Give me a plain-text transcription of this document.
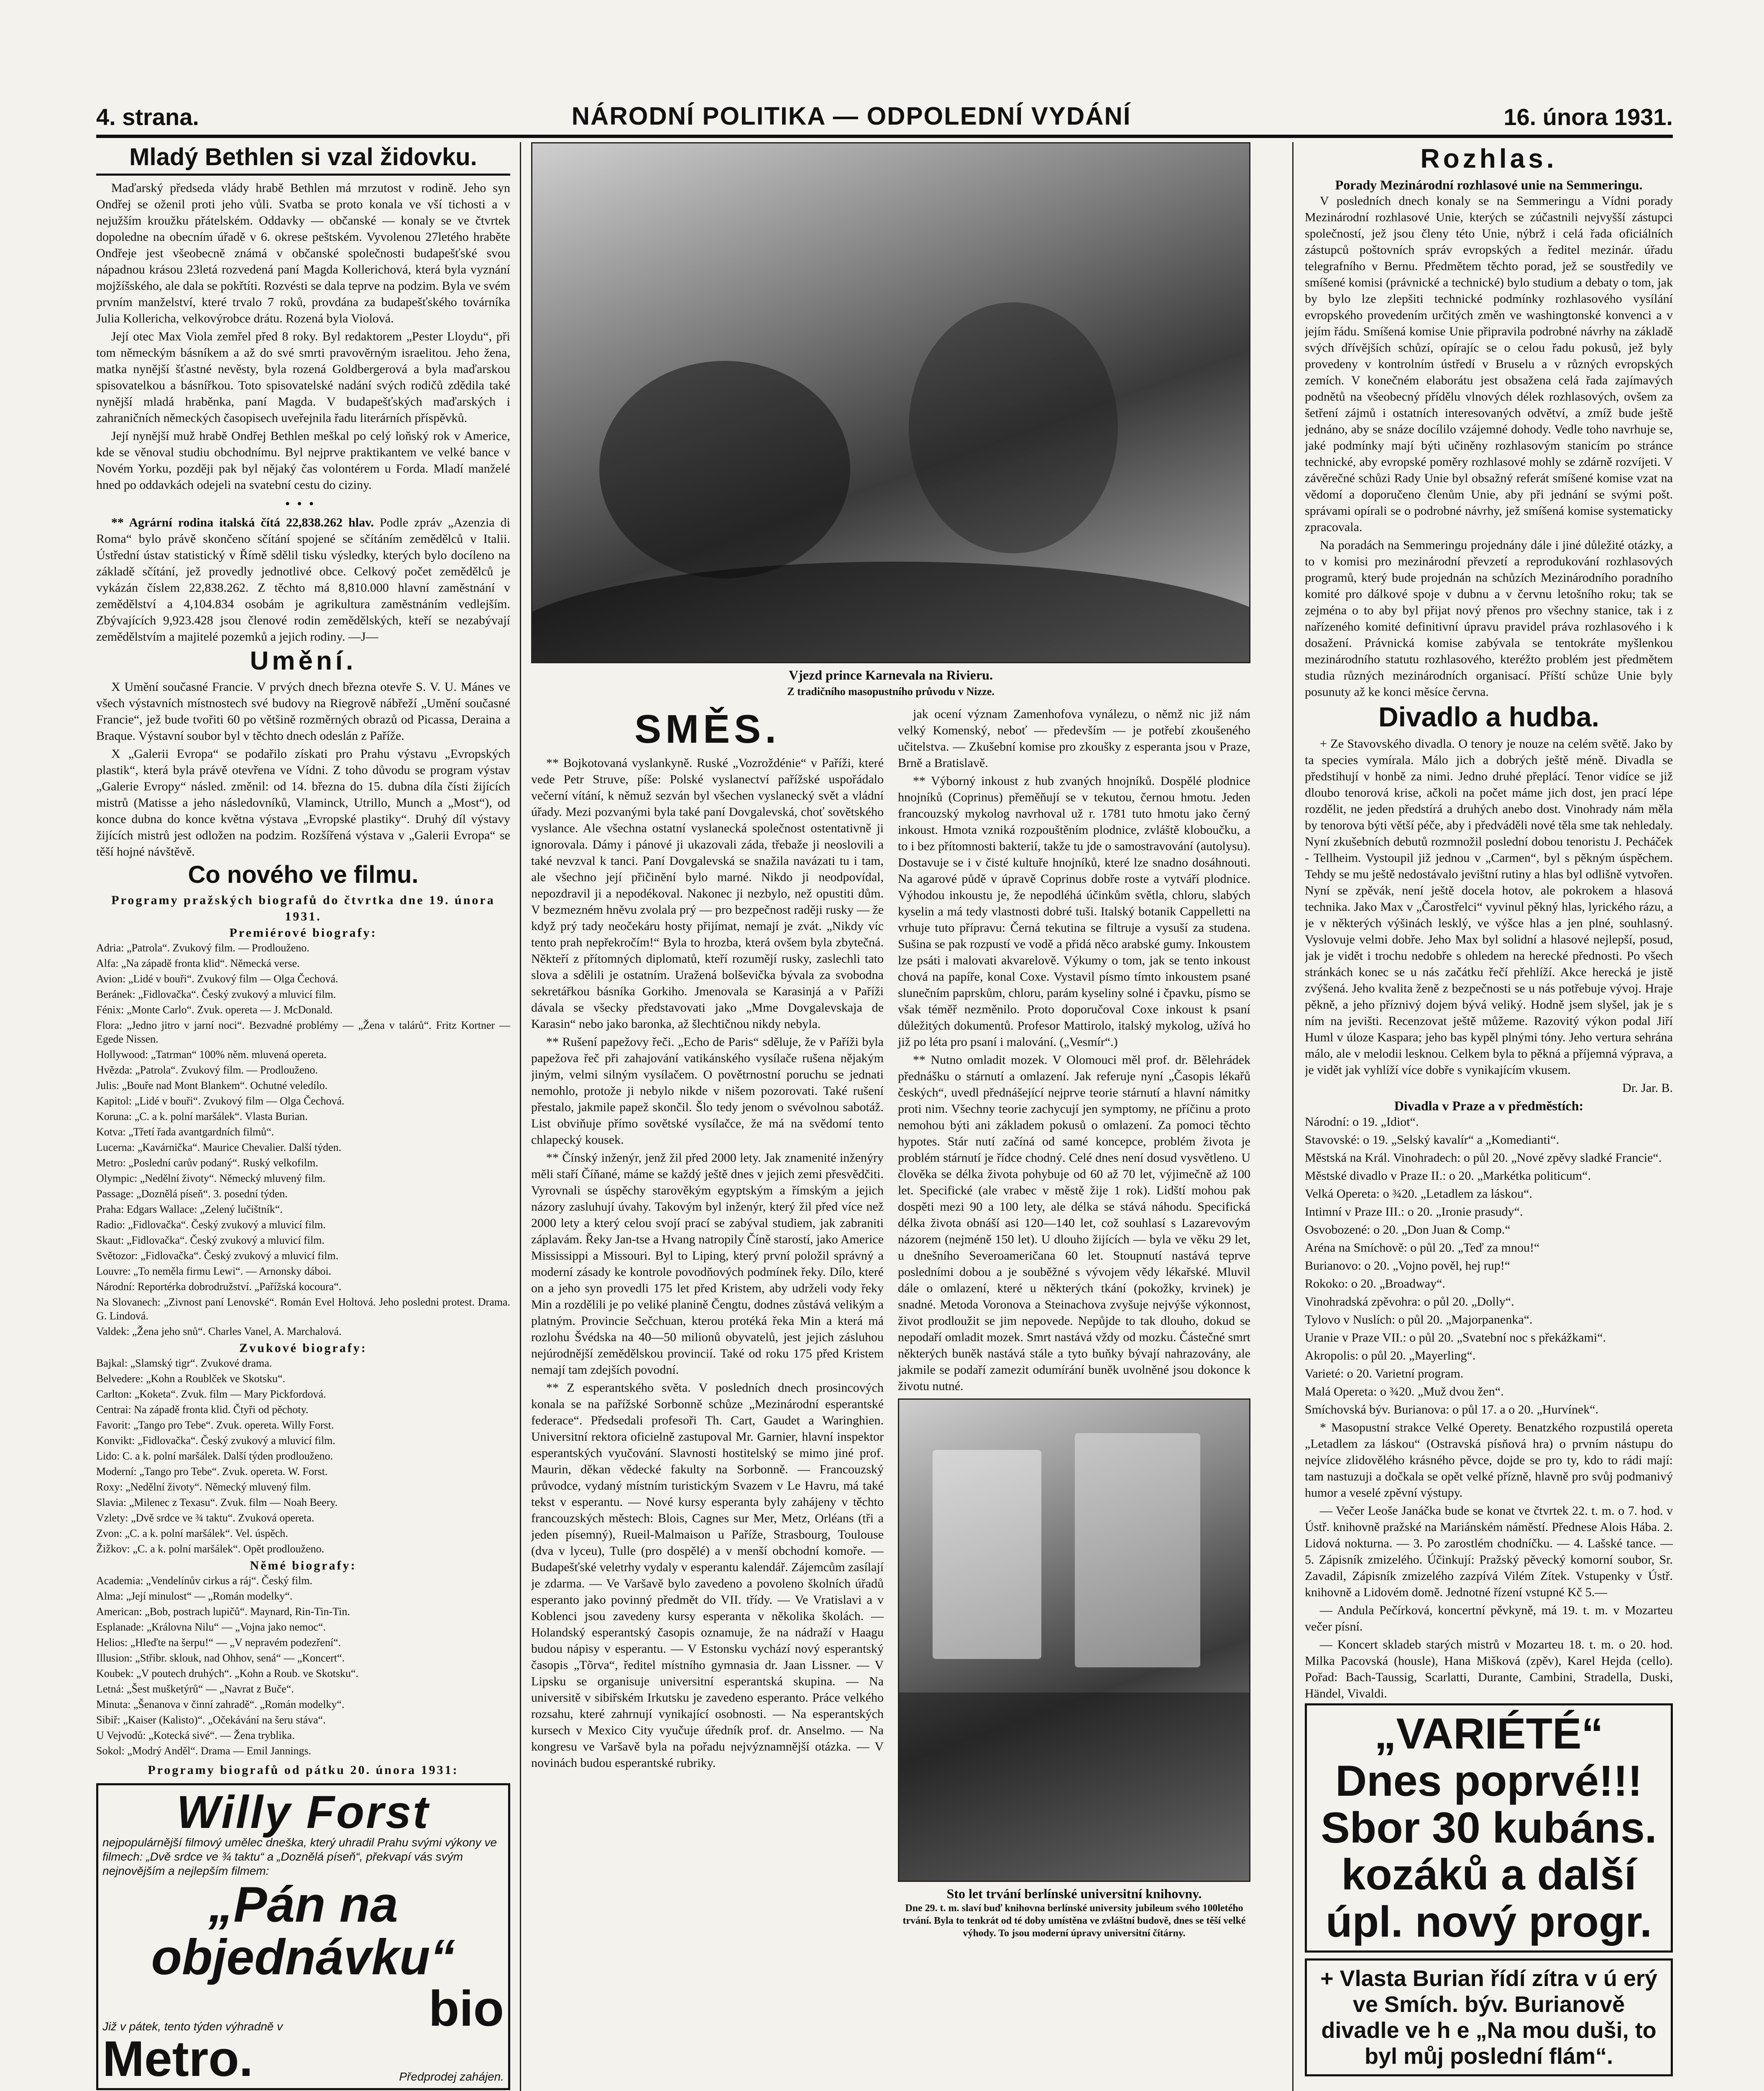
4. strana.	NÁRODNÍ POLITIKA — ODPOLEDNÍ VYDÁNÍ	16. února 1931.
Mladý Bethlen si vzal židovku.

Maďarský předseda vlády hrabě Bethlen má mrzutost v rodině. Jeho syn Ondřej se oženil proti jeho vůli. Svatba se proto konala ve vší tichosti a v nejužším kroužku přátelském. Oddavky — občanské — konaly se ve čtvrtek dopoledne na obecním úřadě v 6. okrese peštském. Vyvolenou 27letého hraběte Ondřeje jest všeobecně známá v občanské společnosti budapešťské svou nápadnou krásou 23letá rozvedená paní Magda Kollerichová, která byla vyznání mojžíšského, ale dala se pokřtíti. Rozvésti se dala teprve na podzim. Byla ve svém prvním manželství, které trvalo 7 roků, provdána za budapešťského továrníka Julia Kollericha, velkovýrobce drátu. Rozená byla Violová.

Její otec Max Viola zemřel před 8 roky. Byl redaktorem „Pester Lloydu“, při tom německým básníkem a až do své smrti pravověrným israelitou. Jeho žena, matka nynější šťastné nevěsty, byla rozená Goldbergerová a byla maďarskou spisovatelkou a básnířkou. Toto spisovatelské nadání svých rodičů zdědila také nynější mladá hraběnka, paní Magda. V budapešťských maďarských i zahraničních německých časopisech uveřejnila řadu literárních příspěvků.

Její nynější muž hrabě Ondřej Bethlen meškal po celý loňský rok v Americe, kde se věnoval studiu obchodnímu. Byl nejprve praktikantem ve velké bance v Novém Yorku, později pak byl nějaký čas volontérem u Forda. Mladí manželé hned po oddavkách odejeli na svatební cestu do ciziny.

•••

** Agrární rodina italská čítá 22,838.262 hlav. Podle zpráv „Azenzia di Roma“ bylo právě skončeno sčítání spojené se sčítáním zemědělců v Italii. Ústřední ústav statistický v Římě sdělil tisku výsledky, kterých bylo docíleno na základě sčítání, jež provedly jednotlivé obce. Celkový počet zemědělců je vykázán číslem 22,838.262. Z těchto má 8,810.000 hlavní zaměstnání v zemědělství a 4,104.834 osobám je agrikultura zaměstnáním vedlejším. Zbývajících 9,923.428 jsou členové rodin zemědělských, kteří se nezabývají zemědělstvím a majitelé pozemků a jejich rodiny. —J—

Umění.

X Umění současné Francie. V prvých dnech března otevře S. V. U. Mánes ve všech výstavních místnostech své budovy na Riegrově nábřeží „Umění současné Francie“, jež bude tvořiti 60 po většině rozměrných obrazů od Picassa, Deraina a Braque. Výstavní soubor byl v těchto dnech odeslán z Paříže.

X „Galerii Evropa“ se podařilo získati pro Prahu výstavu „Evropských plastik“, která byla právě otevřena ve Vídni. Z toho důvodu se program výstav „Galerie Evropy“ násled. změnil: od 14. března do 15. dubna díla čísti žijících mistrů (Matisse a jeho následovníků, Vlaminck, Utrillo, Munch a „Most“), od konce dubna do konce května výstava „Evropské plastiky“. Druhý díl výstavy žijících mistrů jest odložen na podzim. Rozšířená výstava v „Galerii Evropa“ se těší hojné návštěvě.

Co nového ve filmu.
Programy pražských biografů do čtvrtka dne 19. února 1931.
Premiérové biografy:

Adria: „Patrola“. Zvukový film. — Prodlouženo.

Alfa: „Na západě fronta klid“. Německá verse.

Avion: „Lidé v bouři“. Zvukový film — Olga Čechová.

Beránek: „Fidlovačka“. Český zvukový a mluvicí film.

Fénix: „Monte Carlo“. Zvuk. opereta — J. McDonald.

Flora: „Jedno jitro v jarní noci“. Bezvadné problémy — „Žena v talárů“. Fritz Kortner — Egede Nissen.

Hollywood: „Tatrman“ 100% něm. mluvená opereta.

Hvězda: „Patrola“. Zvukový film. — Prodlouženo.

Julis: „Bouře nad Mont Blankem“. Ochutné veledílo.

Kapitol: „Lidé v bouři“. Zvukový film — Olga Čechová.

Koruna: „C. a k. polní maršálek“. Vlasta Burian.

Kotva: „Třetí řada avantgardních filmů“.

Lucerna: „Kavárnička“. Maurice Chevalier. Další týden.

Metro: „Poslední carův podaný“. Ruský velkofilm.

Olympic: „Nedělní životy“. Německý mluvený film.

Passage: „Doznělá píseň“. 3. posední týden.

Praha: Edgars Wallace: „Zelený lučištník“.

Radio: „Fidlovačka“. Český zvukový a mluvicí film.

Skaut: „Fidlovačka“. Český zvukový a mluvicí film.

Světozor: „Fidlovačka“. Český zvukový a mluvicí film.

Louvre: „To neměla firmu Lewi“. — Arnonsky dáboi.

Národní: Reportérka dobrodružství. „Pařížská kocoura“.

Na Slovanech: „Zivnost paní Lenovské“. Román Evel Holtová. Jeho posledni protest. Drama. G. Lindová.

Valdek: „Žena jeho snů“. Charles Vanel, A. Marchalová.

Zvukové biografy:

Bajkal: „Slamský tigr“. Zvukové drama.

Belvedere: „Kohn a Roublček ve Skotsku“.

Carlton: „Koketa“. Zvuk. film — Mary Pickfordová.

Centrai: Na západě fronta klid. Čtyři od pěchoty.

Favorit: „Tango pro Tebe“. Zvuk. opereta. Willy Forst.

Konvikt: „Fidlovačka“. Český zvukový a mluvicí film.

Lido: C. a k. polní maršálek. Další týden prodlouženo.

Moderní: „Tango pro Tebe“. Zvuk. opereta. W. Forst.

Roxy: „Nedělní životy“. Německý mluvený film.

Slavia: „Milenec z Texasu“. Zvuk. film — Noah Beery.

Vzlety: „Dvě srdce ve ¾ taktu“. Zvuková opereta.

Zvon: „C. a k. polní maršálek“. Vel. úspěch.

Žižkov: „C. a k. polní maršálek“. Opět prodlouženo.

Němé biografy:

Academia: „Vendelínův cirkus a ráj“. Český film.

Alma: „Její minulost“ — „Román modelky“.

American: „Bob, postrach lupičů“. Maynard, Rin-Tin-Tin.

Esplanade: „Královna Nilu“ — „Vojna jako nemoc“.

Helios: „Hleďte na šerpu!“ — „V nepravém podezření“.

Illusion: „Střibr. sklouk, nad Ohhov, sená“ — „Koncert“.

Koubek: „V poutech druhých“. „Kohn a Roub. ve Skotsku“.

Letná: „Šest mušketýrů“ — „Navrat z Buče“.

Minuta: „Šenanova v činní zahradě“. „Román modelky“.

Sibiř: „Kaiser (Kalisto)“. „Očekávání na šeru stáva“.

U Vejvodů: „Kotecká sivé“. — Žena tryblika.

Sokol: „Modrý Anděl“. Drama — Emil Jannings.

Programy biografů od pátku 20. února 1931:
Willy Forst
nejpopulárnější filmový umělec dneška, který uhradil Prahu svými výkony ve filmech: „Dvě srdce ve ¾ taktu“ a „Doznělá píseň“, překvapí vás svým nejnovějším a nejlepším filmem:
„Pán na objednávku“
Již v pátek, tento týden výhradně v	bio
Metro.	Předprodej zahájen.
Vjezd prince Karnevala na Rivieru.
Z tradičního masopustního průvodu v Nizze.
SMĚS.

** Bojkotovaná vyslankyně. Ruské „Vozroždénie“ v Paříži, které vede Petr Struve, píše: Polské vyslanectví pařížské uspořádalo večerní vítání, k němuž sezván byl všechen vyslanecký svět a vládní úřady. Mezi pozvanými byla také paní Dovgalevská, choť sovětského vyslance. Ale všechna ostatní vyslanecká společnost ostentativně ji ignorovala. Dámy i pánové ji ukazovali záda, třebaže ji neoslovili a také nevzval k tanci. Paní Dovgalevská se snažila navázati tu i tam, ale všechno její přičinění bylo marné. Nikdo ji neodpovídal, nepozdravil ji a nepodékoval. Nakonec ji nezbylo, než opustiti dům. V bezmezném hněvu zvolala prý — pro bezpečnost raději rusky — že když prý tady neočekáru hosty přijímat, nemají je zvát. „Nikdy víc tento prah nepřekročím!“ Byla to hrozba, která ovšem byla zbytečná. Někteří z přítomných diplomatů, kteří rozumějí rusky, zaslechli tato slova a sdělili je ostatním. Uražená bolševička bývala za svobodna sekretářkou básníka Gorkiho. Jmenovala se Karasinjá a v Paříži dávala se všecky představovati jako „Mme Dovgalevskaja de Karasin“ nebo jako baronka, až šlechtičnou nikdy nebyla.

** Rušení papežovy řeči. „Echo de Paris“ sděluje, že v Paříži byla papežova řeč při zahajování vatikánského vysílače rušena nějakým jiným, velmi silným vysílačem. O povětrnostní poruchu se jednati nemohlo, protože ji nebylo nikde v nišem pozorovati. Také rušení přestalo, jakmile papež skončil. Šlo tedy jenom o svévolnou sabotáž. List obviňuje přímo sovětské vysílačce, že má na svědomí tento chlapecký kousek.

** Čínský inženýr, jenž žil před 2000 lety. Jak znamenité inženýry měli staří Číňané, máme se každý ještě dnes v jejich zemi přesvědčiti. Vyrovnali se úspěchy starověkým egyptským a římským a jejich názory zasluhují úvahy. Takovým byl inženýr, který žil před více než 2000 lety a který celou svojí prací se zabýval studiem, jak zabraniti záplavám. Řeky Jan-tse a Hvang natropily Číně starostí, jako Americe Mississippi a Missouri. Byl to Liping, který první položil správný a moderní zásady ke kontrole povodňových podmínek řeky. Dílo, které on a jeho syn provedli 175 let před Kristem, aby udrželi vody řeky Min a rozdělili je po veliké planině Čengtu, dodnes zůstává velikým a platným. Provincie Sečchuan, kterou protéká řeka Min a která má rozlohu Švédska na 40—50 milionů obyvatelů, jest jejich zásluhou nejúrodnější zemědělskou provincií. Také od roku 175 před Kristem nemají tam zdejších povodní.

** Z esperantského světa. V posledních dnech prosincových konala se na pařížské Sorbonně schůze „Mezinárodní esperantské federace“. Předsedali profesoři Th. Cart, Gaudet a Waringhien. Universitní rektora oficielně zastupoval Mr. Garnier, hlavní inspektor esperantských vyučování. Slavnosti hostitelský se mimo jiné prof. Maurin, děkan vědecké fakulty na Sorbonně. — Francouzský průvodce, vydaný místním turistickým Svazem v Le Havru, má také tekst v esperantu. — Nové kursy esperanta byly zahájeny v těchto francouzských městech: Blois, Cagnes sur Mer, Metz, Orléans (tři a jeden písemný), Rueil-Malmaison u Paříže, Strasbourg, Toulouse (dva v lyceu), Tulle (pro dospělé) a v menší obchodní komoře. — Budapešťské veletrhy vydaly v esperantu kalendář. Zájemcům zasílají je zdarma. — Ve Varšavě bylo zavedeno a povoleno školních úřadů esperanto jako povinný předmět do VII. třídy. — Ve Vratislavi a v Koblenci jsou zavedeny kursy esperanta v několika školách. — Holandský esperantský časopis oznamuje, že na nádraží v Haagu budou nápisy v esperantu. — V Estonsku vychází nový esperantský časopis „Tõrva“, ředitel místního gymnasia dr. Jaan Lissner. — V Lipsku se organisuje universitní esperantská skupina. — Na universitě v sibiřském Irkutsku je zavedeno esperanto. Práce velkého rozsahu, které zahrnují vynikající osobnosti. — Na esperantských kursech v Mexico City vyučuje úředník prof. dr. Anselmo. — Na kongresu ve Varšavě byla na pořadu nejvýznamnější otázka. — V novinách budou esperantské rubriky.

jak ocení význam Zamenhofova vynálezu, o němž nic již nám velký Komenský, neboť — především — je potřebí zkoušeného učitelstva. — Zkušební komise pro zkoušky z esperanta jsou v Praze, Brně a Bratislavě.

** Výborný inkoust z hub zvaných hnojníků. Dospělé plodnice hnojníků (Coprinus) přeměňují se v tekutou, černou hmotu. Jeden francouzský mykolog navrhoval už r. 1781 tuto hmotu jako černý inkoust. Hmota vzniká rozpouštěním plodnice, zvláště kloboučku, a to i bez přítomnosti bakterií, takže tu jde o samostravování (autolysu). Dostavuje se i v čisté kultuře hnojníků, které lze snadno dosáhnouti. Na agarové půdě v úpravě Coprinus dobře roste a vytváří plodnice. Výhodou inkoustu je, že nepodléhá účinkům světla, chloru, slabých kyselin a má tedy vlastnosti dobré tuši. Italský botanik Cappelletti na vrhuje tuto přípravu: Černá tekutina se filtruje a vysuší za studena. Sušina se pak rozpustí ve vodě a přidá něco arabské gumy. Inkoustem lze psáti i malovati akvarelově. Výkumy o tom, jak se tento inkoust chová na papíře, konal Coxe. Vystavil písmo tímto inkoustem psané slunečním paprskům, chloru, parám kyseliny solné i čpavku, písmo se však téměř nezměnilo. Proto doporučoval Coxe inkoust k psaní důležitých dokumentů. Profesor Mattirolo, italský mykolog, užívá ho již po léta pro psaní i malování. („Vesmír“.)

** Nutno omladit mozek. V Olomouci měl prof. dr. Bělehrádek přednášku o stárnutí a omlazení. Jak referuje nyní „Časopis lékařů českých“, uvedl přednášející nejprve teorie stárnutí a hlavní námitky proti nim. Všechny teorie zachycují jen symptomy, ne příčinu a proto nemohou býti ani základem pokusů o omlazení. Za pomoci těchto hypotes. Stár nutí začíná od samé koncepce, problém života je problém stárnutí je řídce chodný. Celé dnes není dosud vysvětleno. U člověka se délka života pohybuje od 60 až 70 let, výjimečně až 100 let. Specifické (ale vrabec v městě žije 1 rok). Lidští mohou pak dospěti mezi 90 a 100 lety, ale délka se stává náhodu. Specifická délka života obnáší asi 120—140 let, což souhlasí s Lazarevovým názorem (nejméně 150 let). U dlouho žijících — byla ve věku 29 let, u dnešního Severoameričana 60 let. Stoupnutí nastává teprve posledními dobou a je souběžné s vývojem vědy lékařské. Mluvil dále o omlazení, které u některých tkání (pokožky, krvinek) je snadné. Metoda Voronova a Steinachova zvyšuje nejvýše výkonnost, život prodloužit se jim nepovede. Nepůjde to tak dlouho, dokud se nepodaří omladit mozek. Smrt nastává vždy od mozku. Částečné smrt některých buněk nastává stále a tyto buňky bývají nahrazovány, ale jakmile se podaří zamezit odumírání buněk uvolněné jsou dokonce k životu nutné.

Sto let trvání berlínské universitní knihovny.
Dne 29. t. m. slaví buď knihovna berlínské university jubileum svého 100letého trvání. Byla to tenkrát od té doby umístěna ve zvláštní budově, dnes se těší velké výhody. To jsou moderní úpravy universitní čítárny.
Rozhlas.
Porady Mezinárodní rozhlasové unie na Semmeringu.

V posledních dnech konaly se na Semmeringu a Vídni porady Mezinárodní rozhlasové Unie, kterých se zúčastnili nejvyšší zástupci společností, jež jsou členy této Unie, nýbrž i celá řada oficiálních zástupců poštovních správ evropských a ředitel mezinár. úřadu telegrafního v Bernu. Předmětem těchto porad, jež se soustředily ve smíšené komisi (právnické a technické) bylo studium a debaty o tom, jak by bylo lze zlepšiti technické podmínky rozhlasového vysílání evropského provedením určitých změn ve washingtonské konvenci a v jejím řádu. Smíšená komise Unie připravila podrobné návrhy na základě svých dřívějších schůzí, opírajíc se o celou řadu pokusů, jež byly provedeny v kontrolním ústředí v Bruselu a v různých evropských zemích. V konečném elaborátu jest obsažena celá řada zajímavých podnětů na všeobecný přídělu vlnových délek rozhlasových, ovšem za šetření zájmů i ostatních interesovaných odvětví, a zmíž bude ještě jednáno, aby se snáze docílilo vzájemné dohody. Vedle toho navrhuje se, jaké podmínky mají býti učiněny rozhlasovým stanicím po stránce technické, aby evropské poměry rozhlasové mohly se zdárně rozvíjeti. V závěrečné schůzi Rady Unie byl obsažný referát smíšené komise vzat na vědomí a doporučeno členům Unie, aby při jednání se svými pošt. správami opírali se o podrobné návrhy, jež smíšená komise systematicky zpracovala.

Na poradách na Semmeringu projednány dále i jiné důležité otázky, a to v komisi pro mezinárodní převzetí a reprodukování rozhlasových programů, který bude projednán na schůzích Mezinárodního poradního komité pro dálkové spoje v dubnu a v červnu letošního roku; tak se zejména o to aby byl přijat nový přenos pro všechny stanice, tak i z nařízeného komité definitivní úpravu pravidel práva rozhlasového i k dosažení. Právnická komise zabývala se tentokráte myšlenkou mezinárodního statutu rozhlasového, kteréžto problém jest předmětem studia různých mezinárodních organisací. Příští schůze Unie byly posunuty až ke konci měsíce června.

Divadlo a hudba.

+ Ze Stavovského divadla. O tenory je nouze na celém světě. Jako by ta species vymírala. Málo jich a dobrých ještě méně. Divadla se předstihují v honbě za nimi. Jedno druhé přeplácí. Tenor vidíce se již dloubo tenorová krise, ačkoli na počet máme jich dost, jen prací lépe rozdělit, ne jeden předstírá a druhých anebo dost. Vinohrady nám měla by tenorova býti větší péče, aby i předváděli nové těla sme tak nehledaly. Nyní zkušebních debutů rozmnožil poslední dobou tenoristu J. Pecháček - Tellheim. Vystoupil již jednou v „Carmen“, byl s pěkným úspěchem. Tehdy se mu ještě nedostávalo jevištní rutiny a hlas byl odlišně vytvořen. Nyní se zpěvák, není ještě docela hotov, ale pokrokem a hlasová technika. Jako Max v „Čarostřelci“ vyvinul pěkný hlas, lyrického rázu, a je v některých výšinách lesklý, ve výšce hlas a jen plné, souhlasný. Vyslovuje velmi dobře. Jeho Max byl solidní a hlasové nejlepší, posud, jak je vidět i trochu nedobře s ohledem na herecké přednosti. Po všech stránkách konec se u nás začátku řečí přehlíží. Akce herecká je jistě zvýšená. Jeho kvalita ženě z bezpečnosti se u nás potřebuje vývoj. Hraje pěkně, a jeho příznivý dojem bývá veliký. Hodně jsem slyšel, jak je s ním na jevišti. Recenzovat ještě můžeme. Razovitý výkon podal Jiří Huml v úloze Kaspara; jeho bas kypěl plnými tóny. Jeho vertura sehrána málo, ale v melodii lesknou. Celkem byla to pěkná a příjemná výprava, a je vidět jak vyhlíží více dobře s vynikajícím vkusem.

Dr. Jar. B.

Divadla v Praze a v předměstích:

Národní: o 19. „Idiot“.

Stavovské: o 19. „Selský kavalír“ a „Komedianti“.

Městská na Král. Vinohradech: o půl 20. „Nové zpěvy sladké Francie“.

Městské divadlo v Praze II.: o 20. „Markétka politicum“.

Velká Opereta: o ¾20. „Letadlem za láskou“.

Intimní v Praze III.: o 20. „Ironie prasudy“.

Osvobozené: o 20. „Don Juan & Comp.“

Aréna na Smíchově: o půl 20. „Teď za mnou!“

Burianovo: o 20. „Vojno pověl, hej rup!“

Rokoko: o 20. „Broadway“.

Vinohradská zpěvohra: o půl 20. „Dolly“.

Tylovo v Nuslích: o půl 20. „Majorpanenka“.

Uranie v Praze VII.: o půl 20. „Svatební noc s překážkami“.

Akropolis: o půl 20. „Mayerling“.

Varieté: o 20. Varietní program.

Malá Opereta: o ¾20. „Muž dvou žen“.

Smíchovská býv. Burianova: o půl 17. a o 20. „Hurvínek“.

* Masopustní strakce Velké Operety. Benatzkého rozpustilá opereta „Letadlem za láskou“ (Ostravská písňová hra) o prvním nástupu do nejvíce zlidovělého krásného pěvce, dojde se pro ty, kdo to rádi mají: tam nastuzuji a dočkala se opět velké přízně, hlavně pro svůj podmanivý humor a veselé zpěvní výstupy.

— Večer Leoše Janáčka bude se konat ve čtvrtek 22. t. m. o 7. hod. v Ústř. knihovně pražské na Mariánském náměstí. Přednese Alois Hába. 2. Lidová nokturna. — 3. Po zarostlém chodníčku. — 4. Lašské tance. — 5. Zápisník zmizelého. Účinkují: Pražský pěvecký komorní soubor, Sr. Zavadil, Zápisník zmizelého zazpívá Vilém Zítek. Vstupenky v Ústř. knihovně a Lidovém domě. Jednotné řízení vstupné Kč 5.—

— Andula Pečírková, koncertní pěvkyně, má 19. t. m. v Mozarteu večer písní.

— Koncert skladeb starých mistrů v Mozarteu 18. t. m. o 20. hod. Milka Pacovská (housle), Hana Mišková (zpěv), Karel Hejda (cello). Pořad: Bach-Taussig, Scarlatti, Durante, Cambini, Stradella, Duski, Händel, Vivaldi.

„VARIÉTÉ“
Dnes poprvé!!!
Sbor 30 kubáns.
kozáků a další
úpl. nový progr.
+ Vlasta Burian řídí zítra v ú erý ve Smích. býv. Burianově divadle ve h e „Na mou duši, to byl můj poslední flám“.
